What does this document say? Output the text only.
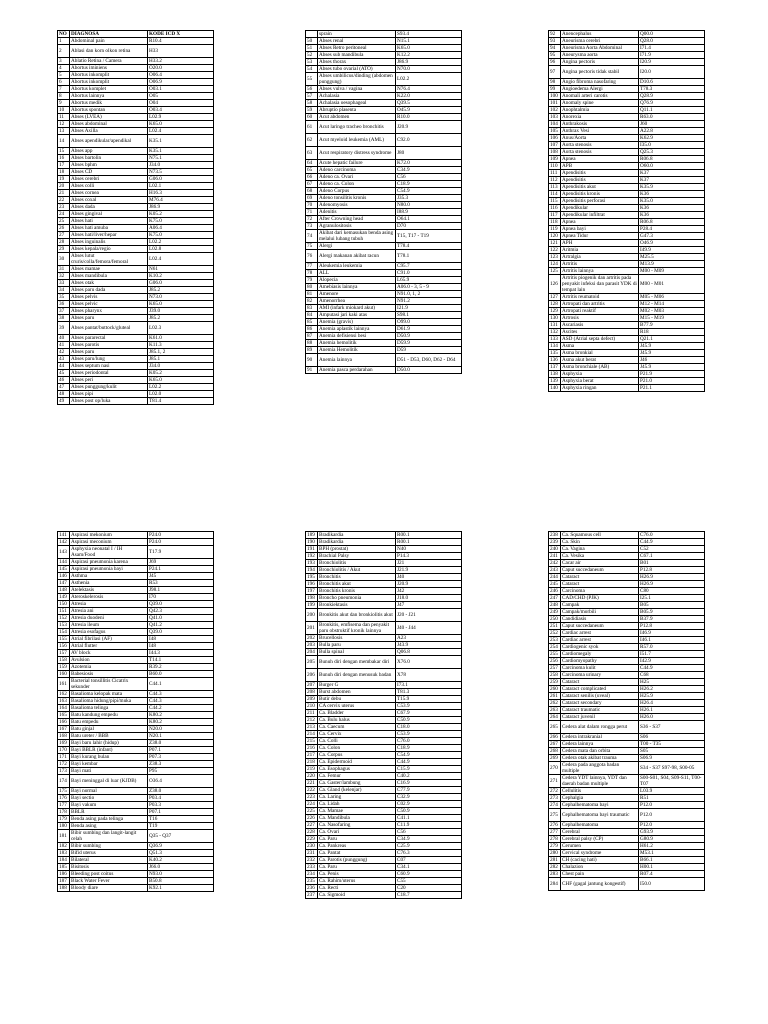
NO	DIAGNOSA	KODE ICD X
1	Abdominal pain	R10.4
2	Ablasi dan korn olkon retina	H33
3	Ablatio Retina / Camera	H33.2
4	Abortus iminiens	O20.0
5	Abortus inkomplit	O06.4
6	Abortus inkomplit	O06.9
7	Abortus komplet	O03.1
8	Abortus lainnya	O05
9	Abortus medik	O04
10	Abortus spontan	O03.4
11	Abses (LVEA)	L02.9
12	Abses abdominal	K65.0
13	Abses Axilla	L02.4
14	Abses apendikular/apendikal	K35.1
15	Abses app	K35.1
16	Abses bartolin	N75.1
17	Abses bphm	J34.0
18	Abses CD	N73.5
19	Abses cerebri	G06.0
20	Abses colli	L02.1
21	Abses cornea	H16.3
22	Abses coxal	M76.4
23	Abses dada	J86.9
24	Abses gingival	K05.2
25	Abses hati	K75.0
26	Abses hati amuba	A06.4
27	Abses hati/liver/hepar	K75.0
28	Abses inguinalis	L02.2
29	Abses kepala/regio	L02.8
30	Abses lutut cruris/colla/femora/femoral	L02.4
31	Abses mamae	N61
32	Abses mandibula	K10.2
33	Abses otak	G06.0
34	Abses paru dada	J85.2
35	Abses pelvis	N73.0
36	Abses pelvic	K65.0
37	Abses pharynx	J39.0
38	Abses paru	J85.2
39	Abses pantat/buttock/gluteal	L02.3
40	Abses pararectal	K61.0
41	Abses parotis	K11.3
42	Abses paru	J85.1, 2
43	Abses paru/lung	J85.1
44	Abses septum nasi	J34.0
45	Abses periodontal	K05.2
46	Abses peri	K65.0
47	Abses punggung/kulit	L02.2
48	Abses pipi	L02.0
49	Abses post op/luka	T81.4
	sprain	S93.4
50	Abses renal	N15.1
51	Abses Retro peritoneal	K65.0
52	Abses sub mandibula	K12.2
53	Abses thorax	J86.9
54	Abses tubo ovarial (ATO)	N70.0
55	Abses umbilicus/dinding (abdomen punggung)	L02.2
56	Abses vulva / vagina	N76.4
57	Achalasia	K22.0
58	Achalasia oesophageal	Q39.5
59	Abruptio plasenta	O45.9
60	Acut abdomen	R10.0
61	Acut laringo tracheo bronchitis	J20.9
62	Acut myeloid leukemia (AML)	C92.0
63	Acut respiratory distress syndrome	J80
64	Acute hepatic failure	K72.0
65	Adeno carcinoma	C34.9
66	Adeno ca. Ovari	C56
67	Adeno ca. Colon	C18.9
68	Adeno Corpus	C54.9
69	Adeno tonsilitis kronis	J35.3
70	Adenomyosis	N80.0
71	Adenitis	I88.9
72	After Crowning head	O64.1
73	Agranulositosis	D70
74	Akibat dari kemasukan benda asing melalui lubang tubuh	T15, T17 - T19
75	Alergi	T78.4
76	Alergi makanan akibat racun	T78.1
77	Aleukemia leukemia	C95.7
78	ALL	C91.0
79	Alopecia	L65.9
80	Amebiasis lainnya	A06.0 - 3, 5 - 9
81	Amenore	N91.0, 1, 2
82	Amenorrhea	N91.2
83	AMI (infark miokard akut)	I21.9
84	Amputasi jari kaki atas	S98.1
85	Anemia (gravis)	O99.0
86	Anemia aplastik lainnya	D61.9
87	Anemia defisiensi besi	D50.9
88	Anemia hemolitik	D59.9
89	Anemia Hemolitik	D59
90	Anemia lainnya	D51 - D53, D60, D62 - D64
91	Anemia pasca perdarahan	D50.0
92	Anencephalus	Q00.0
93	Aneurisma cerebri	Q28.0
94	Aneurisma Aorta Abdominal	I71.4
95	Aneurysma aorta	I71.9
96	Angina pectoris	I20.9
97	Angina pectoris tidak stabil	I20.0
98	Angio fibroma nasofaring	D10.6
99	Angioedema Alergi	T78.3
100	Anomali arteri carotis	Q28.9
101	Anomaly spine	Q76.9
102	Anophtalmia	Q11.1
103	Anorexia	R63.0
104	Anthrakosis	J60
105	Anthrax Vesi	A22.8
106	Anus/Aorta	K62.9
107	Aorta stenosis	I35.0
108	Aorta stenosis	Q25.3
109	Apnea	R06.8
110	APB	O60.0
111	Apendisitis	K37
112	Apendisitis	K37
113	Apendisitis akut	K35.9
114	Apendisitis kronis	K36
115	Apendisitis perforasi	K35.0
116	Apendikular	K36
117	Apendikular infiltrat	K36
118	Apnea	R06.8
119	Apnea bayi	P28.4
120	Apnea Tidur	G47.3
121	APH	O46.9
122	Aritmia	I49.9
123	Artralgia	M25.5
124	Artritis	M13.9
125	Artritis lainnya	M00 - M09
126	Artritis piogenik dan artritis pada penyakit infeksi dan parasit YDK di tempat lain	M00 - M01
127	Artritis reumatoid	M05 - M06
128	Artropati dan artritis	M12 - M14
129	Artropati reaktif	M02 - M03
130	Artrosis	M15 - M19
131	Ascariasis	B77.9
132	Ascites	R18
133	ASD (Atrial septa defect)	Q21.1
134	Asma	J45.9
135	Asma bronkial	J45.9
136	Asma akut berat	J46
137	Asma bronchiale (AB)	J45.9
138	Asphyxia	P21.9
139	Asphyxia berat	P21.0
140	Asphyxia ringan	P21.1
141	Aspirasi mekonium	P24.0
142	Aspirasi meconium	P24.0
143	Asphyxia neonatal I / IH Asam/Food	T17.9
144	Aspirasi pneumonia karena	J69
145	Aspirasi pneumonia bayi	P24.1
146	Asthma	J45
147	Asthenia	R53
148	Atelektasis	J98.1
149	Ateroskelerosis	I70
150	Atresia	Q39.0
151	Atresia ani	Q42.3
152	Atresia duodeni	Q41.0
153	Atresia ileum	Q41.2
154	Atresia esofagus	Q39.0
155	Atrial fibrilasi (AF)	I48
156	Atrial flutter	I48
157	AV block	I44.3
158	Avulsion	T14.1
159	Azotemia	R39.2
160	Babesiosis	B60.0
161	Bacterial tonsillitis Cicatrix sekunder	C44.1
162	Basalioma kelopak mata	C44.3
163	Basalioma hidung/pipi/muka	C44.3
164	Basalioma telinga	C44.2
165	Batu kandung empedu	K80.2
166	Batu empedu	K80.2
167	Batu ginjal	N20.0
168	Batu ureter / BBB	N20.1
169	Bayi baru lahir (hidup)	Z38.0
170	Bayi BBLR (infant)	P07.1
171	Bayi kurang bulan	P07.3
172	Bayi kembar	Z38.3
173	Bayi mati	P95
174	Bayi meninggal di luar (KJDB)	O36.4
175	Bayi normal	Z38.0
176	Bayi sectio	P03.4
177	Bayi vakum	P03.3
178	BBLR	P07.1
179	Benda asing pada telinga	T16
180	Benda asing	T19
181	Bibir sumbing dan langit-langit celah	Q35 - Q37
182	Bibir sumbing	Q36.9
183	Bifid uterus	Q51.3
184	Bilateral	K40.2
185	Bisitosis	J66.0
186	Bleeding post coitus	N93.0
187	Black Water Fever	B50.8
188	Bloody diare	K92.1
189	Bradikardia	R00.1
190	Bradikardia	R00.1
191	BPH (prostat)	N40
192	Brachial Palsy	P14.3
193	Bronchiolitis	J21
194	Bronchiolitis / Akut	J21.9
195	Bronchitis	J40
196	Bronchitis akut	J20.9
197	Bronchitis kronis	J42
198	Broncho pneumonia	J18.0
199	Bronkiektasis	J47
200	Bronkitis akut dan bronkiolitis akut	J20 - J21
201	Bronkitis, emfisema dan penyakit paru obstruktif kronik lainnya	J40 - J44
202	Brucellosis	A23
203	Bulla paru	J43.9
204	Bulla spinal	Q06.8
205	Bunuh diri dengan membakar diri	X76.0
206	Bunuh diri dengan menusuk badan	X78
207	Burger G	I73.1
208	Burst abdomen	T81.3
209	Butir debu	T15.9
210	CA cervix uterus	C53.9
211	Ca. Bladder	C67.9
212	Ca. Bulu halus	C50.9
213	Ca. Caecum	C18.0
214	Ca. Cervix	C53.9
215	Ca. Colli	C76.0
216	Ca. Colon	C18.9
217	Ca. Corpus	C54.9
218	Ca. Epidermoid	C44.9
219	Ca. Esophagus	C15.9
220	Ca. Femur	C40.2
221	Ca. Gaster/lambung	C16.9
222	Ca. Gland (kelenjar)	C77.9
223	Ca. Laring	C32.9
224	Ca. Lidah	C02.9
225	Ca. Mamae	C50.9
226	Ca. Mandibula	C41.1
227	Ca. Nasofaring	C11.9
228	Ca. Ovari	C56
229	Ca. Paru	C34.9
230	Ca. Pankreas	C25.9
231	Ca. Pantat	C76.3
232	Ca. Parotis (punggung)	C07
233	Ca. Paru	C34.1
234	Ca. Penis	C60.9
235	Ca. Rahim/uterus	C55
236	Ca. Recti	C20
237	Ca. Sigmoid	C18.7
238	Ca. Squamous cell	C76.0
239	Ca. Skin	C44.9
240	Ca. Vagina	C52
241	Ca. Vesika	C67.1
242	Cacar air	B01
243	Caput succedaneum	P12.8
244	Cataract	H26.9
245	Cataract	H26.9
246	Carcinoma	C80
247	CAD/CHD (PJK)	I25.1
248	Campak	B05
249	Campak/morbili	B05.9
250	Candidiasis	B37.9
251	Caput succedaneum	P12.8
252	Cardiac arrest	I46.9
253	Cardiac arrest	I46.1
254	Cardiogenic syok	R57.0
255	Cardiomegaly	I51.7
256	Cardiomyopathy	I42.9
257	Carcinoma kulit	C44.9
258	Carcinoma urinary	C68
259	Cataract	H25
260	Cataract complicated	H26.2
261	Cataract senilis (uveal)	H25.9
262	Cataract secondary	H26.4
263	Cataract traumatic	H26.1
264	Cataract juvenil	H26.0
265	Cedera alat dalam rongga perut	S36 - S37
266	Cedera intrakranial	S06
267	Cedera lainnya	T00 - T35
268	Cedera mata dan orbita	S05
269	Cedera otak akibat trauma	S06.9
270	Cedera pada anggota badan multiple	S34 - S37 S97-98, S00-05
271	Cedera YDT lainnya, YDT dan daerah badan multiple	S00-S01, S04, S09-S11, T00-T07
272	Cellulitis	L03.9
273	Cephalgia	R51
274	Cephalhematoma bayi	P12.0
275	Cephalhematoma bayi traumatic	P12.0
276	Cephalhematoma	P12.0
277	Cerebral	G93.9
278	Cerebral palsy (CP)	G80.9
279	Cerumen	H61.2
280	Cervical syndrome	M53.1
281	CH (cacing hati)	B66.1
282	Chalazion	H00.1
283	Chest pain	R07.4
284	CHF (gagal jantung kongestif)	I50.0
